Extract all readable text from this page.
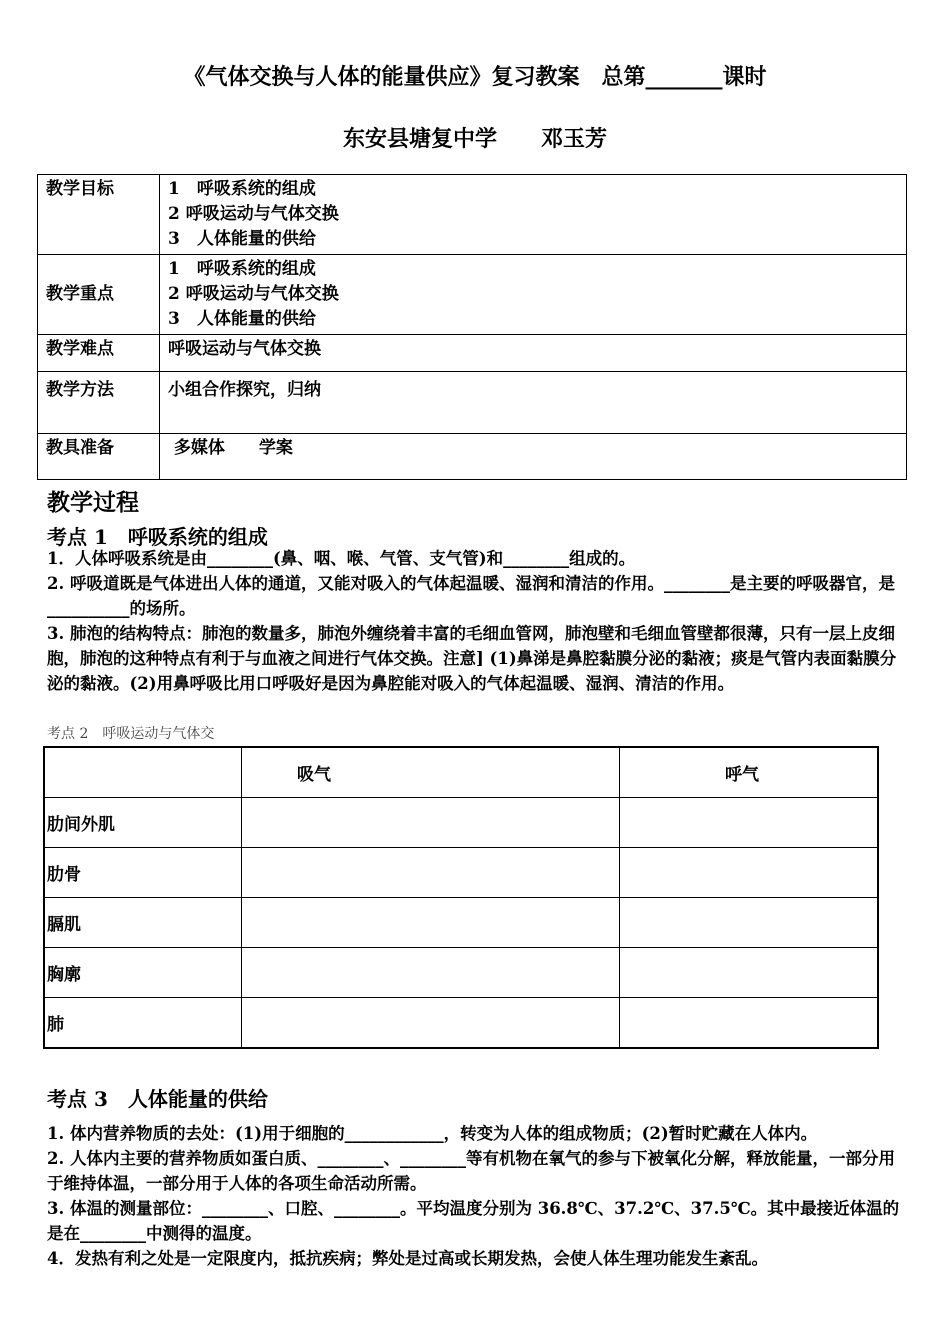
《气体交换与人体的能量供应》复习教案　总第_______课时
东安县塘复中学　　邓玉芳
教学目标	1　呼吸系统的组成
2 呼吸运动与气体交换
3　人体能量的供给

教学重点	1　呼吸系统的组成
2 呼吸运动与气体交换
3　人体能量的供给

教学难点	呼吸运动与气体交换
教学方法	小组合作探究，归纳
教具准备	多媒体　　学案
教学过程
考点 1　呼吸系统的组成
1．人体呼吸系统是由________(鼻、咽、喉、气管、支气管)和________组成的。
2. 呼吸道既是气体进出人体的通道，又能对吸入的气体起温暖、湿润和清洁的作用。________是主要的呼吸器官，是__________的场所。
3. 肺泡的结构特点：肺泡的数量多，肺泡外缠绕着丰富的毛细血管网，肺泡壁和毛细血管壁都很薄，只有一层上皮细胞，肺泡的这种特点有利于与血液之间进行气体交换。注意] (1)鼻涕是鼻腔黏膜分泌的黏液；痰是气管内表面黏膜分泌的黏液。(2)用鼻呼吸比用口呼吸好是因为鼻腔能对吸入的气体起温暖、湿润、清洁的作用。
考点 2　呼吸运动与气体交
	吸气	呼气
肋间外肌		
肋骨		
膈肌		
胸廓		
肺		
考点 3　人体能量的供给
1. 体内营养物质的去处：(1)用于细胞的____________，转变为人体的组成物质；(2)暂时贮藏在人体内。
2. 人体内主要的营养物质如蛋白质、________、________等有机物在氧气的参与下被氧化分解，释放能量，一部分用于维持体温，一部分用于人体的各项生命活动所需。
3. 体温的测量部位：________、口腔、________。平均温度分别为 36.8℃、37.2℃、37.5℃。其中最接近体温的是在________中测得的温度。
4．发热有利之处是一定限度内，抵抗疾病；弊处是过高或长期发热，会使人体生理功能发生紊乱。
